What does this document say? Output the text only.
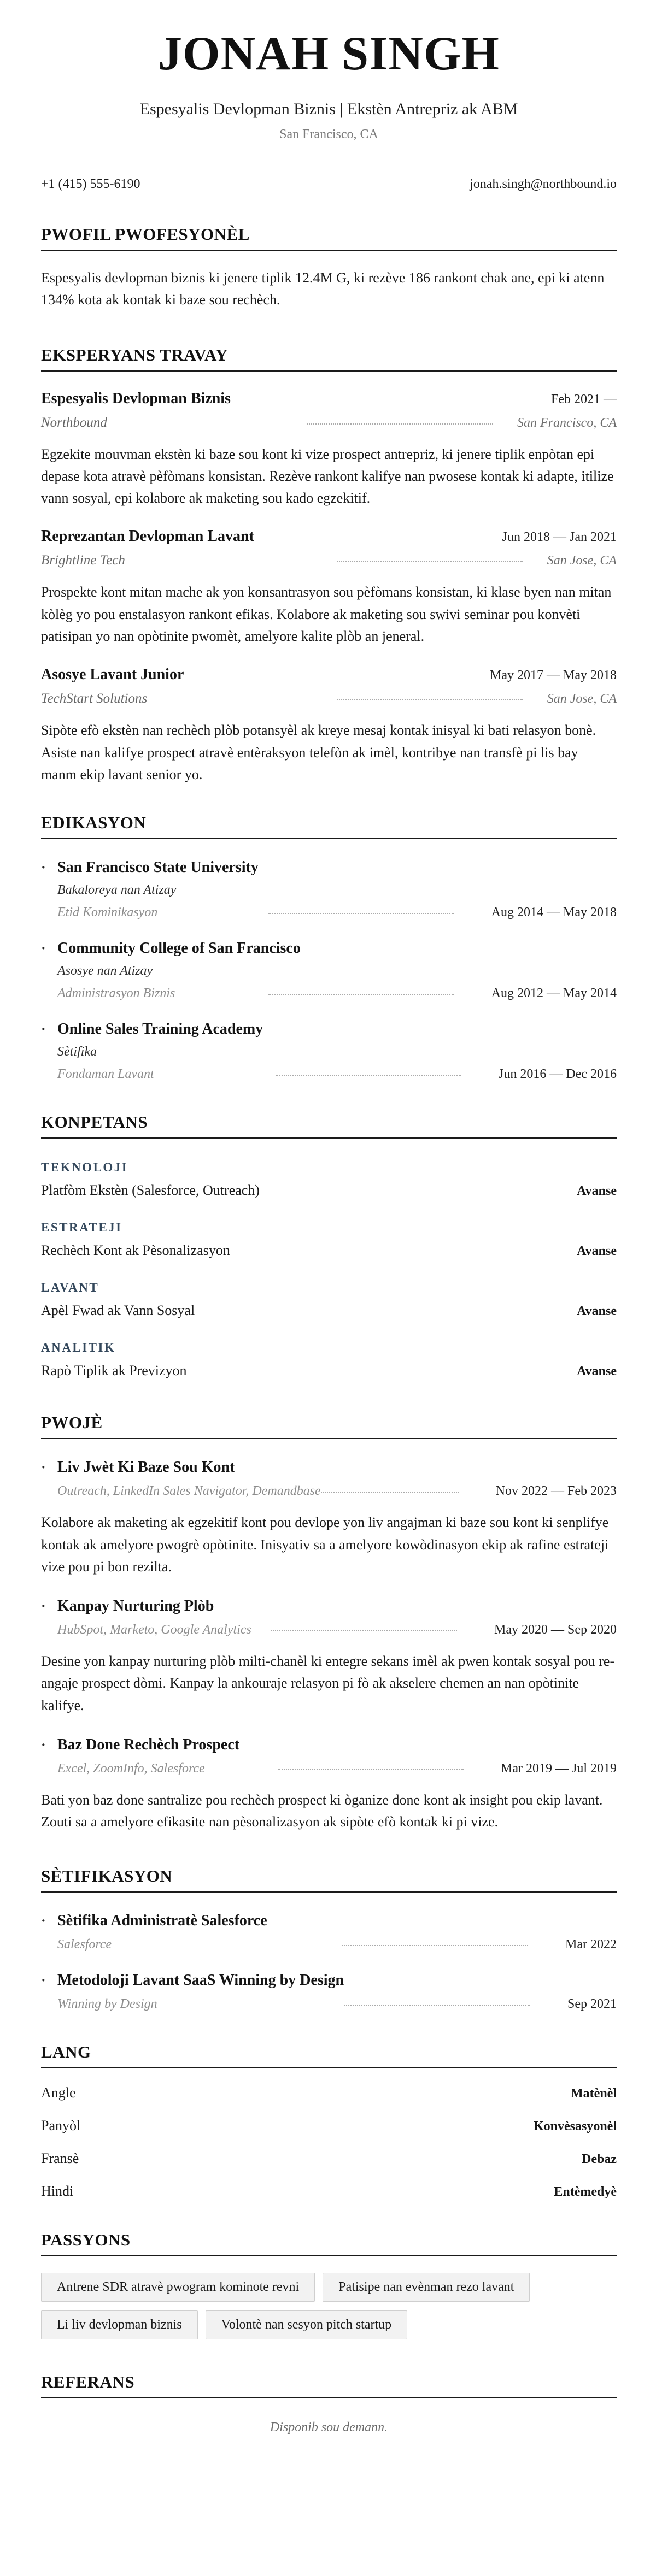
JONAH SINGH
Espesyalis Devlopman Biznis | Ekstèn Antrepriz ak ABM
San Francisco, CA
+1 (415) 555-6190	jonah.singh@northbound.io
PWOFIL PWOFESYONÈL

Espesyalis devlopman biznis ki jenere tiplik 12.4M G, ki rezève 186 rankont chak ane, epi ki atenn 134% kota ak kontak ki baze sou rechèch.

EKSPERYANS TRAVAY
Espesyalis Devlopman Biznis	Feb 2021 —
Northbound	San Francisco, CA

Egzekite mouvman ekstèn ki baze sou kont ki vize prospect antrepriz, ki jenere tiplik enpòtan epi depase kota atravè pèfòmans konsistan. Rezève rankont kalifye nan pwosese kontak ki adapte, itilize vann sosyal, epi kolabore ak maketing sou kado egzekitif.

Reprezantan Devlopman Lavant	Jun 2018 — Jan 2021
Brightline Tech	San Jose, CA

Prospekte kont mitan mache ak yon konsantrasyon sou pèfòmans konsistan, ki klase byen nan mitan kòlèg yo pou enstalasyon rankont efikas. Kolabore ak maketing sou swivi seminar pou konvèti patisipan yo nan opòtinite pwomèt, amelyore kalite plòb an jeneral.

Asosye Lavant Junior	May 2017 — May 2018
TechStart Solutions	San Jose, CA

Sipòte efò ekstèn nan rechèch plòb potansyèl ak kreye mesaj kontak inisyal ki bati relasyon bonè. Asiste nan kalifye prospect atravè entèraksyon telefòn ak imèl, kontribye nan transfè pi lis bay manm ekip lavant senior yo.

EDIKASYON
·
San Francisco State University
Bakaloreya nan Atizay
Etid Kominikasyon	Aug 2014 — May 2018
·
Community College of San Francisco
Asosye nan Atizay
Administrasyon Biznis	Aug 2012 — May 2014
·
Online Sales Training Academy
Sètifika
Fondaman Lavant	Jun 2016 — Dec 2016
KONPETANS
TEKNOLOJI
Platfòm Ekstèn (Salesforce, Outreach)	Avanse
ESTRATEJI
Rechèch Kont ak Pèsonalizasyon	Avanse
LAVANT
Apèl Fwad ak Vann Sosyal	Avanse
ANALITIK
Rapò Tiplik ak Previzyon	Avanse
PWOJÈ
·
Liv Jwèt Ki Baze Sou Kont
Outreach, LinkedIn Sales Navigator, Demandbase	Nov 2022 — Feb 2023

Kolabore ak maketing ak egzekitif kont pou devlope yon liv angajman ki baze sou kont ki senplifye kontak ak amelyore pwogrè opòtinite. Inisyativ sa a amelyore kowòdinasyon ekip ak rafine estrateji vize pou pi bon rezilta.

·
Kanpay Nurturing Plòb
HubSpot, Marketo, Google Analytics	May 2020 — Sep 2020

Desine yon kanpay nurturing plòb milti-chanèl ki entegre sekans imèl ak pwen kontak sosyal pou re-angaje prospect dòmi. Kanpay la ankouraje relasyon pi fò ak akselere chemen an nan opòtinite kalifye.

·
Baz Done Rechèch Prospect
Excel, ZoomInfo, Salesforce	Mar 2019 — Jul 2019

Bati yon baz done santralize pou rechèch prospect ki òganize done kont ak insight pou ekip lavant. Zouti sa a amelyore efikasite nan pèsonalizasyon ak sipòte efò kontak ki pi vize.

SÈTIFIKASYON
·
Sètifika Administratè Salesforce
Salesforce	Mar 2022
·
Metodoloji Lavant SaaS Winning by Design
Winning by Design	Sep 2021
LANG
Angle	Matènèl
Panyòl	Konvèsasyonèl
Fransè	Debaz
Hindi	Entèmedyè
PASSYONS
Antrene SDR atravè pwogram kominote revni	Patisipe nan evènman rezo lavant
Li liv devlopman biznis	Volontè nan sesyon pitch startup
REFERANS
Disponib sou demann.
